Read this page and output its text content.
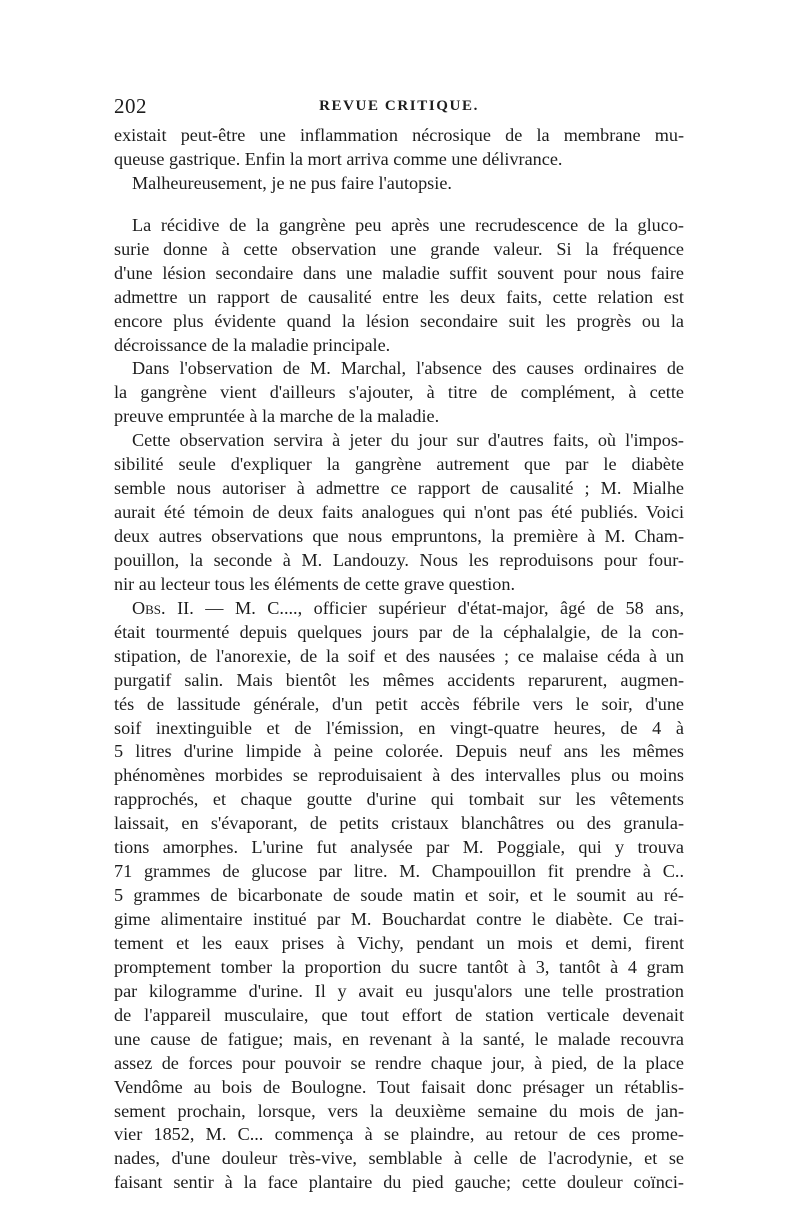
202	REVUE CRITIQUE.
existait peut-être une inflammation nécrosique de la membrane mu-
queuse gastrique. Enfin la mort arriva comme une délivrance.
Malheureusement, je ne pus faire l'autopsie.
La récidive de la gangrène peu après une recrudescence de la gluco-
surie donne à cette observation une grande valeur. Si la fréquence
d'une lésion secondaire dans une maladie suffit souvent pour nous faire
admettre un rapport de causalité entre les deux faits, cette relation est
encore plus évidente quand la lésion secondaire suit les progrès ou la
décroissance de la maladie principale.
Dans l'observation de M. Marchal, l'absence des causes ordinaires de
la gangrène vient d'ailleurs s'ajouter, à titre de complément, à cette
preuve empruntée à la marche de la maladie.
Cette observation servira à jeter du jour sur d'autres faits, où l'impos-
sibilité seule d'expliquer la gangrène autrement que par le diabète
semble nous autoriser à admettre ce rapport de causalité ; M. Mialhe
aurait été témoin de deux faits analogues qui n'ont pas été publiés. Voici
deux autres observations que nous empruntons, la première à M. Cham-
pouillon, la seconde à M. Landouzy. Nous les reproduisons pour four-
nir au lecteur tous les éléments de cette grave question.
Obs. II. — M. C...., officier supérieur d'état-major, âgé de 58 ans,
était tourmenté depuis quelques jours par de la céphalalgie, de la con-
stipation, de l'anorexie, de la soif et des nausées ; ce malaise céda à un
purgatif salin. Mais bientôt les mêmes accidents reparurent, augmen-
tés de lassitude générale, d'un petit accès fébrile vers le soir, d'une
soif inextinguible et de l'émission, en vingt-quatre heures, de 4 à
5 litres d'urine limpide à peine colorée. Depuis neuf ans les mêmes
phénomènes morbides se reproduisaient à des intervalles plus ou moins
rapprochés, et chaque goutte d'urine qui tombait sur les vêtements
laissait, en s'évaporant, de petits cristaux blanchâtres ou des granula-
tions amorphes. L'urine fut analysée par M. Poggiale, qui y trouva
71 grammes de glucose par litre. M. Champouillon fit prendre à C..
5 grammes de bicarbonate de soude matin et soir, et le soumit au ré-
gime alimentaire institué par M. Bouchardat contre le diabète. Ce trai-
tement et les eaux prises à Vichy, pendant un mois et demi, firent
promptement tomber la proportion du sucre tantôt à 3, tantôt à 4 gram
par kilogramme d'urine. Il y avait eu jusqu'alors une telle prostration
de l'appareil musculaire, que tout effort de station verticale devenait
une cause de fatigue; mais, en revenant à la santé, le malade recouvra
assez de forces pour pouvoir se rendre chaque jour, à pied, de la place
Vendôme au bois de Boulogne. Tout faisait donc présager un rétablis-
sement prochain, lorsque, vers la deuxième semaine du mois de jan-
vier 1852, M. C... commença à se plaindre, au retour de ces prome-
nades, d'une douleur très-vive, semblable à celle de l'acrodynie, et se
faisant sentir à la face plantaire du pied gauche; cette douleur coïnci-
